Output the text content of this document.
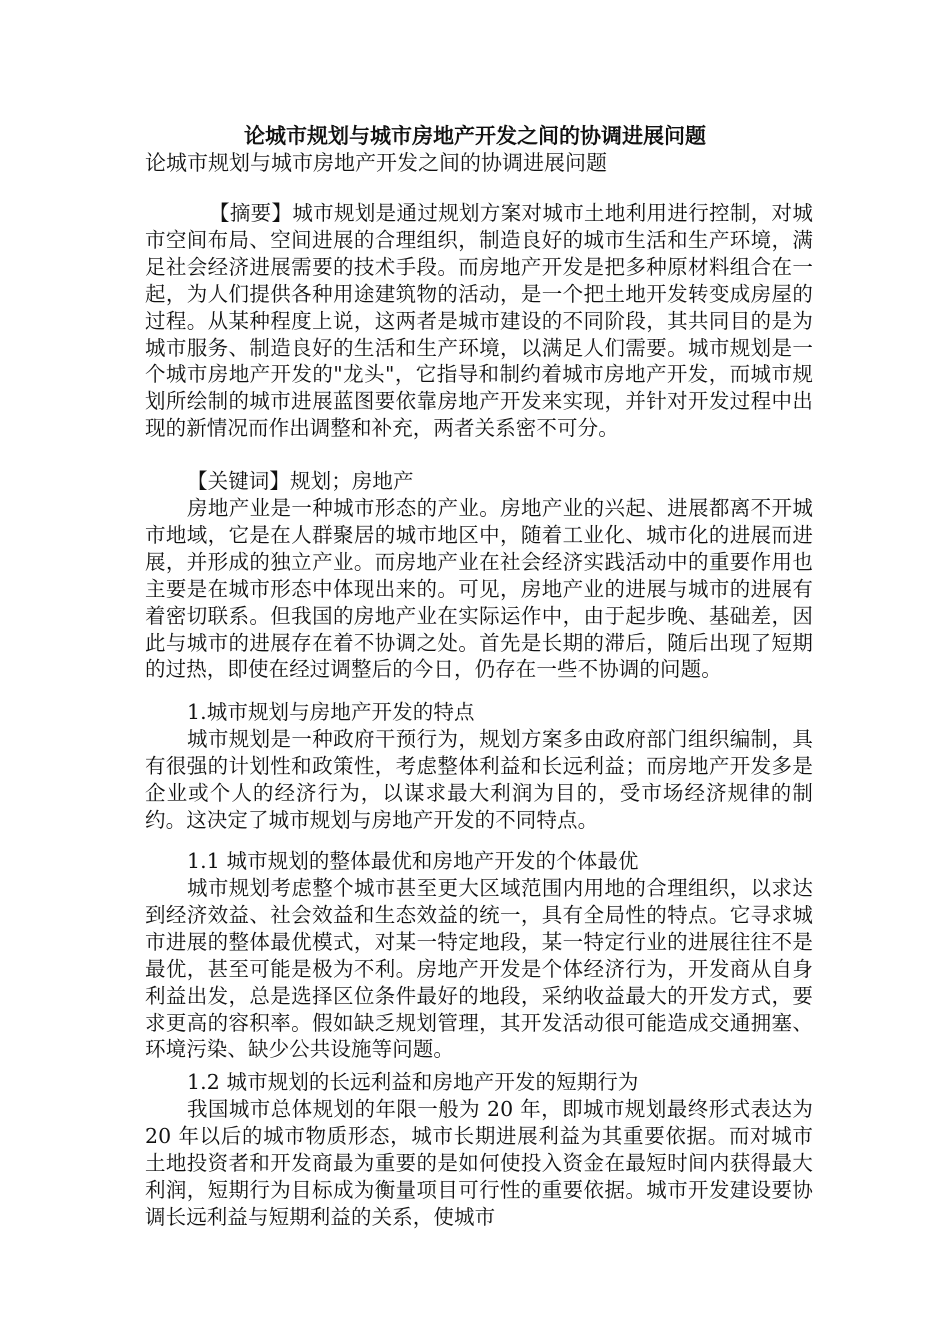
论城市规划与城市房地产开发之间的协调进展问题
论城市规划与城市房地产开发之间的协调进展问题
【摘要】城市规划是通过规划方案对城市土地利用进行控制，对城市空间布局、空间进展的合理组织，制造良好的城市生活和生产环境，满足社会经济进展需要的技术手段。而房地产开发是把多种原材料组合在一起，为人们提供各种用途建筑物的活动，是一个把土地开发转变成房屋的过程。从某种程度上说，这两者是城市建设的不同阶段，其共同目的是为城市服务、制造良好的生活和生产环境，以满足人们需要。城市规划是一个城市房地产开发的"龙头"，它指导和制约着城市房地产开发，而城市规划所绘制的城市进展蓝图要依靠房地产开发来实现，并针对开发过程中出现的新情况而作出调整和补充，两者关系密不可分。
【关键词】规划；房地产
房地产业是一种城市形态的产业。房地产业的兴起、进展都离不开城市地域，它是在人群聚居的城市地区中，随着工业化、城市化的进展而进展，并形成的独立产业。而房地产业在社会经济实践活动中的重要作用也主要是在城市形态中体现出来的。可见，房地产业的进展与城市的进展有着密切联系。但我国的房地产业在实际运作中，由于起步晚、基础差，因此与城市的进展存在着不协调之处。首先是长期的滞后，随后出现了短期的过热，即使在经过调整后的今日，仍存在一些不协调的问题。
1.城市规划与房地产开发的特点
城市规划是一种政府干预行为，规划方案多由政府部门组织编制，具有很强的计划性和政策性，考虑整体利益和长远利益；而房地产开发多是企业或个人的经济行为，以谋求最大利润为目的，受市场经济规律的制约。这决定了城市规划与房地产开发的不同特点。
1.1 城市规划的整体最优和房地产开发的个体最优
城市规划考虑整个城市甚至更大区域范围内用地的合理组织，以求达到经济效益、社会效益和生态效益的统一，具有全局性的特点。它寻求城市进展的整体最优模式，对某一特定地段，某一特定行业的进展往往不是最优，甚至可能是极为不利。房地产开发是个体经济行为，开发商从自身利益出发，总是选择区位条件最好的地段，采纳收益最大的开发方式，要求更高的容积率。假如缺乏规划管理，其开发活动很可能造成交通拥塞、环境污染、缺少公共设施等问题。
1.2 城市规划的长远利益和房地产开发的短期行为
我国城市总体规划的年限一般为 20 年，即城市规划最终形式表达为 20 年以后的城市物质形态，城市长期进展利益为其重要依据。而对城市土地投资者和开发商最为重要的是如何使投入资金在最短时间内获得最大利润，短期行为目标成为衡量项目可行性的重要依据。城市开发建设要协调长远利益与短期利益的关系，使城市
